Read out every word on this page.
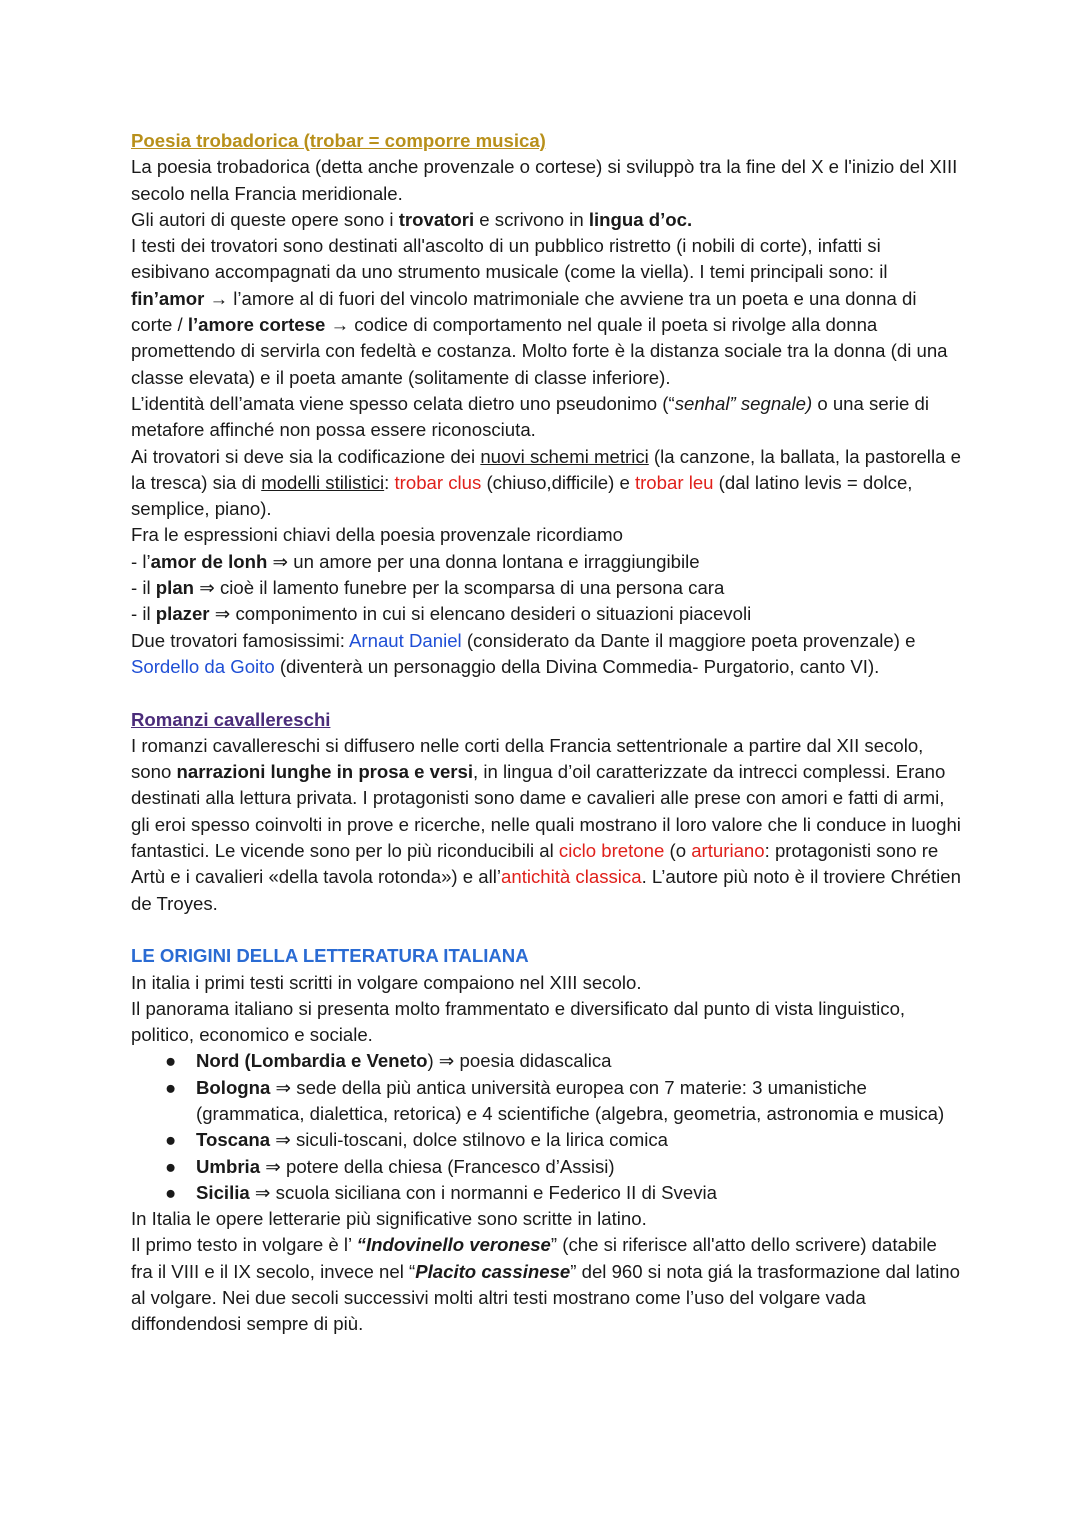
Poesia trobadorica (trobar = comporre musica)

La poesia trobadorica (detta anche provenzale o cortese) si sviluppò tra la fine del X e l'inizio del XIII secolo nella Francia meridionale.

Gli autori di queste opere sono i trovatori e scrivono in lingua d’oc.

I testi dei trovatori sono destinati all'ascolto di un pubblico ristretto (i nobili di corte), infatti si esibivano accompagnati da uno strumento musicale (come la viella). I temi principali sono: il fin’amor → l’amore al di fuori del vincolo matrimoniale che avviene tra un poeta e una donna di corte / l’amore cortese → codice di comportamento nel quale il poeta si rivolge alla donna promettendo di servirla con fedeltà e costanza. Molto forte è la distanza sociale tra la donna (di una classe elevata) e il poeta amante (solitamente di classe inferiore).

L’identità dell’amata viene spesso celata dietro uno pseudonimo (“senhal” segnale) o una serie di metafore affinché non possa essere riconosciuta.

Ai trovatori si deve sia la codificazione dei nuovi schemi metrici (la canzone, la ballata, la pastorella e la tresca) sia di modelli stilistici: trobar clus (chiuso,difficile) e trobar leu (dal latino levis = dolce, semplice, piano).

Fra le espressioni chiavi della poesia provenzale ricordiamo

- l’amor de lonh ⇒ un amore per una donna lontana e irraggiungibile

- il plan ⇒ cioè il lamento funebre per la scomparsa di una persona cara

- il plazer ⇒ componimento in cui si elencano desideri o situazioni piacevoli

Due trovatori famosissimi: Arnaut Daniel (considerato da Dante il maggiore poeta provenzale) e Sordello da Goito (diventerà un personaggio della Divina Commedia- Purgatorio, canto VI).

Romanzi cavallereschi

I romanzi cavallereschi si diffusero nelle corti della Francia settentrionale a partire dal XII secolo, sono narrazioni lunghe in prosa e versi, in lingua d’oil caratterizzate da intrecci complessi. Erano destinati alla lettura privata. I protagonisti sono dame e cavalieri alle prese con amori e fatti di armi, gli eroi spesso coinvolti in prove e ricerche, nelle quali mostrano il loro valore che li conduce in luoghi fantastici. Le vicende sono per lo più riconducibili al ciclo bretone (o arturiano: protagonisti sono re Artù e i cavalieri «della tavola rotonda») e all’antichità classica. L’autore più noto è il troviere Chrétien de Troyes.

LE ORIGINI DELLA LETTERATURA ITALIANA

In italia i primi testi scritti in volgare compaiono nel XIII secolo.

Il panorama italiano si presenta molto frammentato e diversificato dal punto di vista linguistico, politico, economico e sociale.

● Nord (Lombardia e Veneto) ⇒ poesia didascalica
● Bologna ⇒ sede della più antica università europea con 7 materie: 3 umanistiche (grammatica, dialettica, retorica) e 4 scientifiche (algebra, geometria, astronomia e musica)
● Toscana ⇒ siculi-toscani, dolce stilnovo e la lirica comica
● Umbria ⇒ potere della chiesa (Francesco d’Assisi)
● Sicilia ⇒ scuola siciliana con i normanni e Federico II di Svevia

In Italia le opere letterarie più significative sono scritte in latino.

Il primo testo in volgare è l’ “Indovinello veronese” (che si riferisce all'atto dello scrivere) databile fra il VIII e il IX secolo, invece nel “Placito cassinese” del 960 si nota giá la trasformazione dal latino al volgare. Nei due secoli successivi molti altri testi mostrano come l’uso del volgare vada diffondendosi sempre di più.
